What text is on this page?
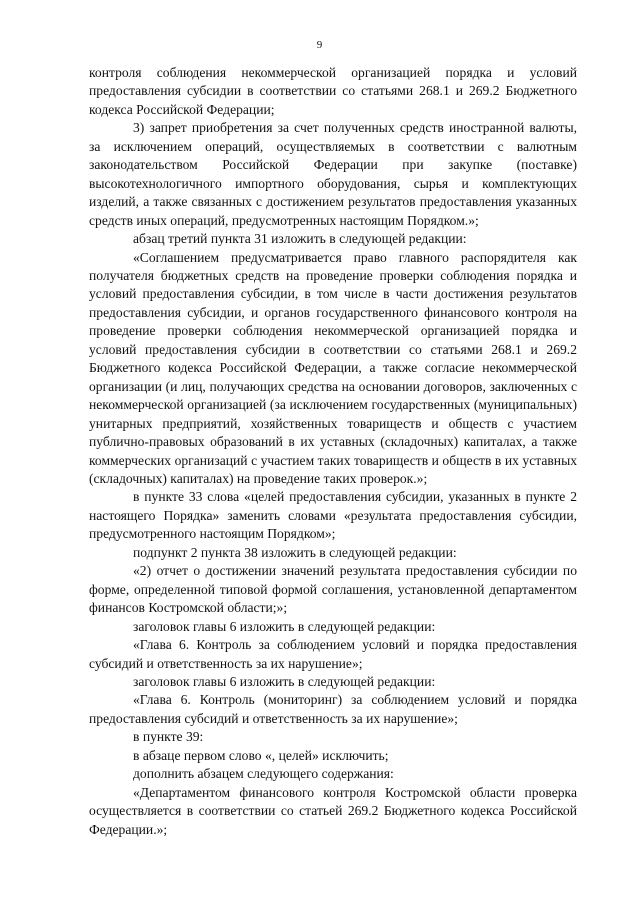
9

контроля соблюдения некоммерческой организацией порядка и условий предоставления субсидии в соответствии со статьями 268.1 и 269.2 Бюджетного кодекса Российской Федерации;

3) запрет приобретения за счет полученных средств иностранной валюты, за исключением операций, осуществляемых в соответствии с валютным законодательством Российской Федерации при закупке (поставке) высокотехнологичного импортного оборудования, сырья и комплектующих изделий, а также связанных с достижением результатов предоставления указанных средств иных операций, предусмотренных настоящим Порядком.»;

абзац третий пункта 31 изложить в следующей редакции:

«Соглашением предусматривается право главного распорядителя как получателя бюджетных средств на проведение проверки соблюдения порядка и условий предоставления субсидии, в том числе в части достижения результатов предоставления субсидии, и органов государственного финансового контроля на проведение проверки соблюдения некоммерческой организацией порядка и условий предоставления субсидии в соответствии со статьями 268.1 и 269.2 Бюджетного кодекса Российской Федерации, а также согласие некоммерческой организации (и лиц, получающих средства на основании договоров, заключенных с некоммерческой организацией (за исключением государственных (муниципальных) унитарных предприятий, хозяйственных товариществ и обществ с участием публично-правовых образований в их уставных (складочных) капиталах, а также коммерческих организаций с участием таких товариществ и обществ в их уставных (складочных) капиталах) на проведение таких проверок.»;

в пункте 33 слова «целей предоставления субсидии, указанных в пункте 2 настоящего Порядка» заменить словами «результата предоставления субсидии, предусмотренного настоящим Порядком»;

подпункт 2 пункта 38 изложить в следующей редакции:

«2) отчет о достижении значений результата предоставления субсидии по форме, определенной типовой формой соглашения, установленной департаментом финансов Костромской области;»;

заголовок главы 6 изложить в следующей редакции:

«Глава 6. Контроль за соблюдением условий и порядка предоставления субсидий и ответственность за их нарушение»;

заголовок главы 6 изложить в следующей редакции:

«Глава 6. Контроль (мониторинг) за соблюдением условий и порядка предоставления субсидий и ответственность за их нарушение»;

в пункте 39:

в абзаце первом слово «, целей» исключить;

дополнить абзацем следующего содержания:

«Департаментом финансового контроля Костромской области проверка осуществляется в соответствии со статьей 269.2 Бюджетного кодекса Российской Федерации.»;
